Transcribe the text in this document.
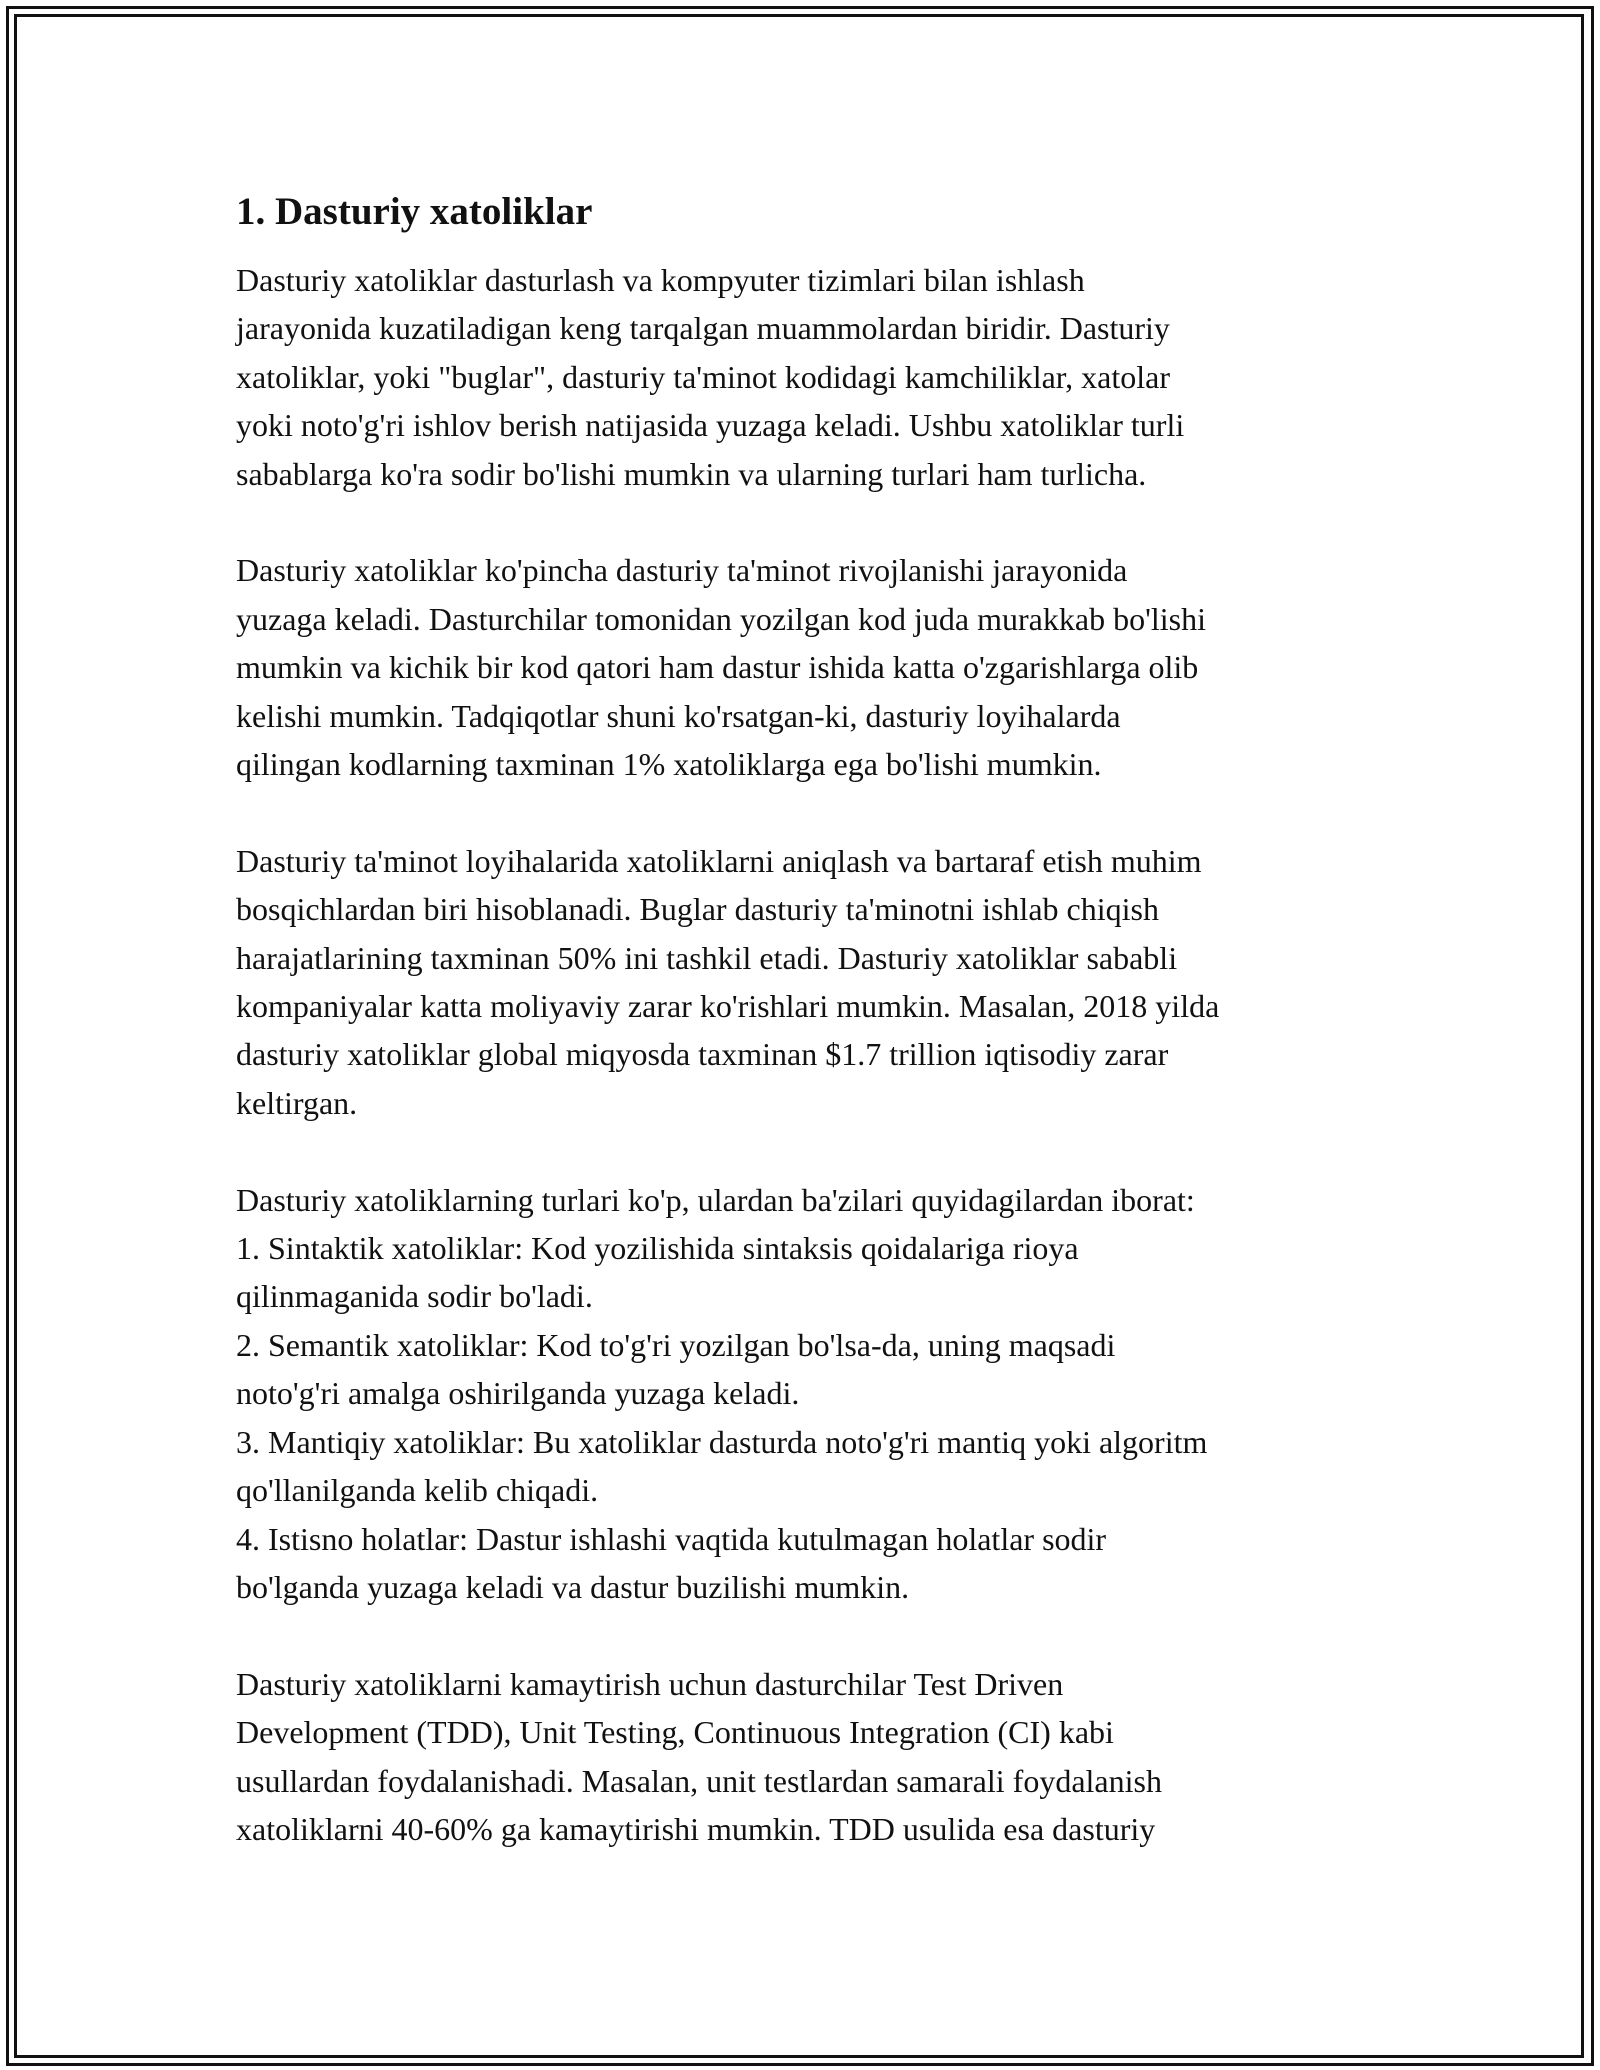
1. Dasturiy xatoliklar
Dasturiy xatoliklar dasturlash va kompyuter tizimlari bilan ishlash
jarayonida kuzatiladigan keng tarqalgan muammolardan biridir. Dasturiy
xatoliklar, yoki "buglar", dasturiy ta'minot kodidagi kamchiliklar, xatolar
yoki noto'g'ri ishlov berish natijasida yuzaga keladi. Ushbu xatoliklar turli
sabablarga ko'ra sodir bo'lishi mumkin va ularning turlari ham turlicha.
Dasturiy xatoliklar ko'pincha dasturiy ta'minot rivojlanishi jarayonida
yuzaga keladi. Dasturchilar tomonidan yozilgan kod juda murakkab bo'lishi
mumkin va kichik bir kod qatori ham dastur ishida katta o'zgarishlarga olib
kelishi mumkin. Tadqiqotlar shuni ko'rsatgan-ki, dasturiy loyihalarda
qilingan kodlarning taxminan 1% xatoliklarga ega bo'lishi mumkin.
Dasturiy ta'minot loyihalarida xatoliklarni aniqlash va bartaraf etish muhim
bosqichlardan biri hisoblanadi. Buglar dasturiy ta'minotni ishlab chiqish
harajatlarining taxminan 50% ini tashkil etadi. Dasturiy xatoliklar sababli
kompaniyalar katta moliyaviy zarar ko'rishlari mumkin. Masalan, 2018 yilda
dasturiy xatoliklar global miqyosda taxminan $1.7 trillion iqtisodiy zarar
keltirgan.
Dasturiy xatoliklarning turlari ko'p, ulardan ba'zilari quyidagilardan iborat:
1. Sintaktik xatoliklar: Kod yozilishida sintaksis qoidalariga rioya
qilinmaganida sodir bo'ladi.
2. Semantik xatoliklar: Kod to'g'ri yozilgan bo'lsa-da, uning maqsadi
noto'g'ri amalga oshirilganda yuzaga keladi.
3. Mantiqiy xatoliklar: Bu xatoliklar dasturda noto'g'ri mantiq yoki algoritm
qo'llanilganda kelib chiqadi.
4. Istisno holatlar: Dastur ishlashi vaqtida kutulmagan holatlar sodir
bo'lganda yuzaga keladi va dastur buzilishi mumkin.
Dasturiy xatoliklarni kamaytirish uchun dasturchilar Test Driven
Development (TDD), Unit Testing, Continuous Integration (CI) kabi
usullardan foydalanishadi. Masalan, unit testlardan samarali foydalanish
xatoliklarni 40-60% ga kamaytirishi mumkin. TDD usulida esa dasturiy
